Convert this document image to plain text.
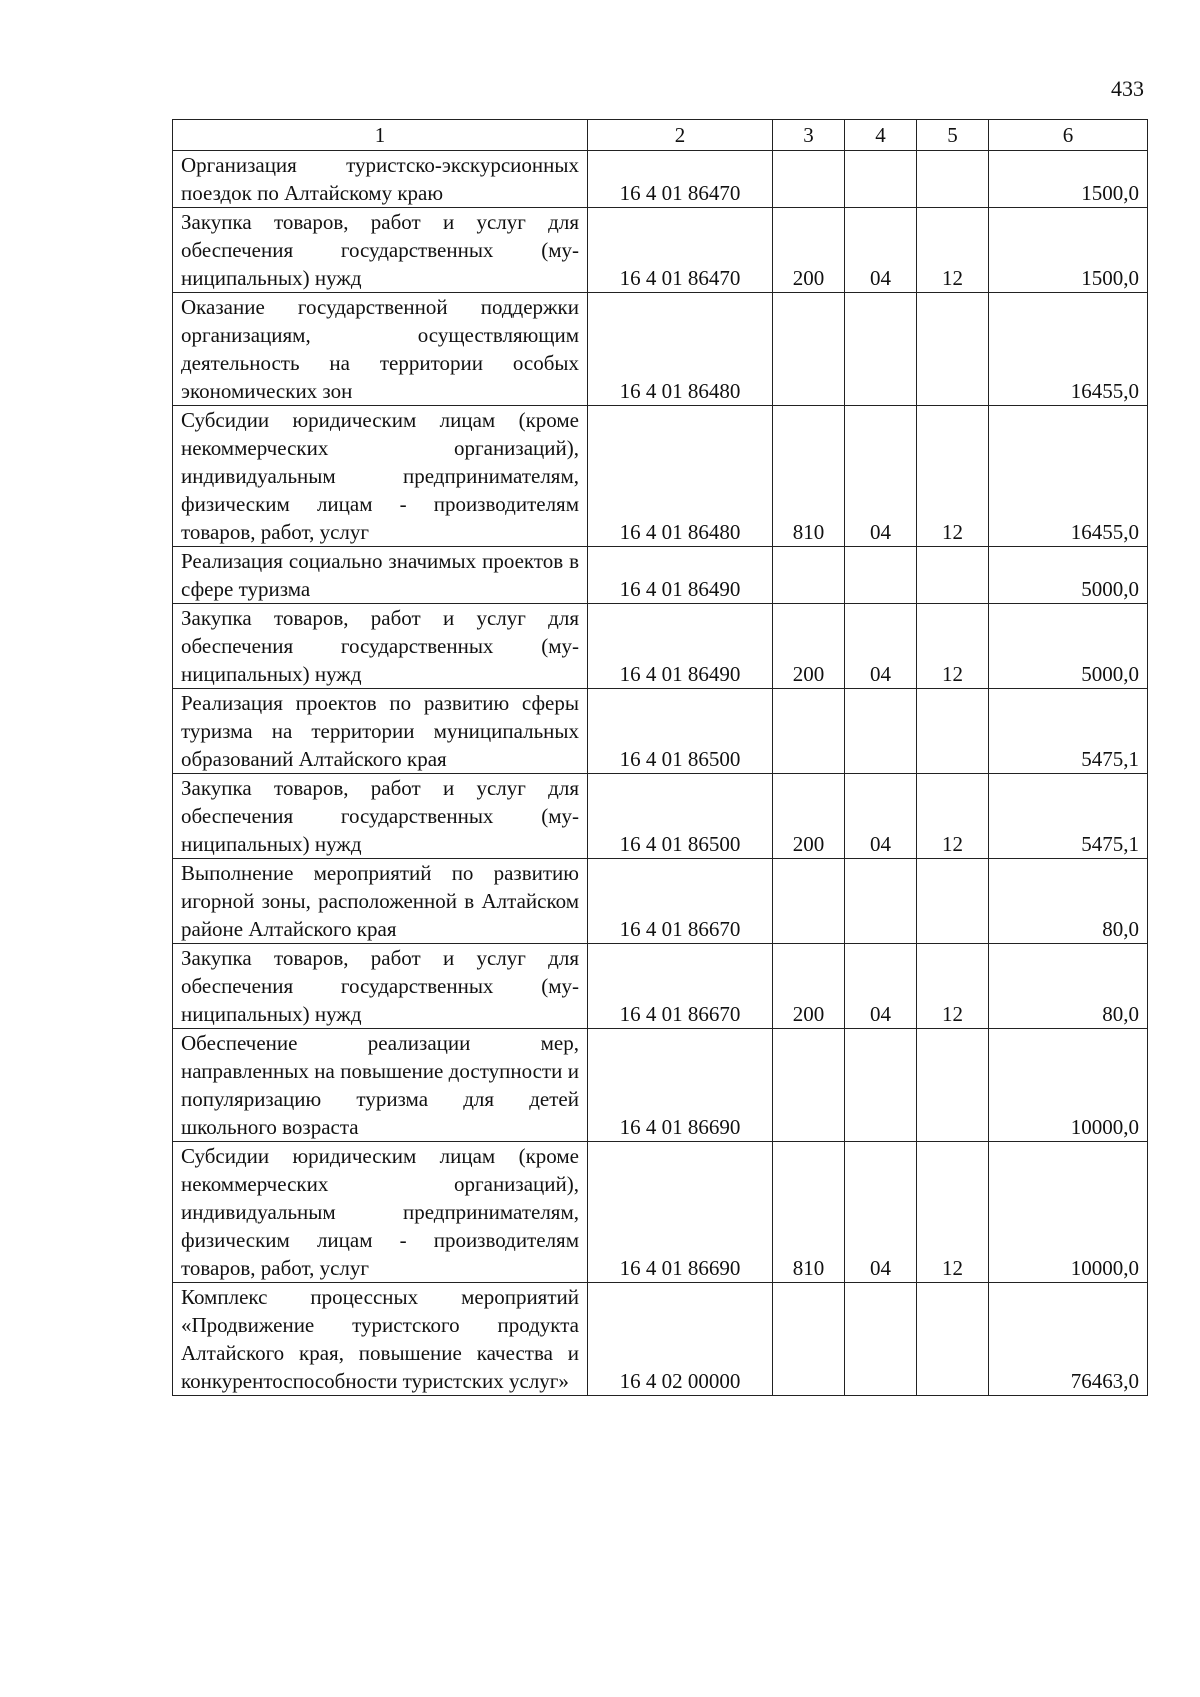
433
1	2	3	4	5	6
Организация туристско-экскурсионных поездок по Алтайскому краю	16 4 01 86470				1500,0
Закупка товаров, работ и услуг для обеспечения государственных (муниципальных) нужд	16 4 01 86470	200	04	12	1500,0
Оказание государственной поддержки организациям, осуществляющим деятельность на территории особых экономических зон	16 4 01 86480				16455,0
Субсидии юридическим лицам (кроме некоммерческих организаций), индивидуальным предпринимателям, физическим лицам - производителям товаров, работ, услуг	16 4 01 86480	810	04	12	16455,0
Реализация социально значимых проектов в сфере туризма	16 4 01 86490				5000,0
Закупка товаров, работ и услуг для обеспечения государственных (муниципальных) нужд	16 4 01 86490	200	04	12	5000,0
Реализация проектов по развитию сферы туризма на территории муниципальных образований Алтайского края	16 4 01 86500				5475,1
Закупка товаров, работ и услуг для обеспечения государственных (муниципальных) нужд	16 4 01 86500	200	04	12	5475,1
Выполнение мероприятий по развитию игорной зоны, расположенной в Алтайском районе Алтайского края	16 4 01 86670				80,0
Закупка товаров, работ и услуг для обеспечения государственных (муниципальных) нужд	16 4 01 86670	200	04	12	80,0
Обеспечение реализации мер, направленных на повышение доступности и популяризацию туризма для детей школьного возраста	16 4 01 86690				10000,0
Субсидии юридическим лицам (кроме некоммерческих организаций), индивидуальным предпринимателям, физическим лицам - производителям товаров, работ, услуг	16 4 01 86690	810	04	12	10000,0
Комплекс процессных мероприятий «Продвижение туристского продукта Алтайского края, повышение качества и конкурентоспособности туристских услуг»	16 4 02 00000				76463,0
